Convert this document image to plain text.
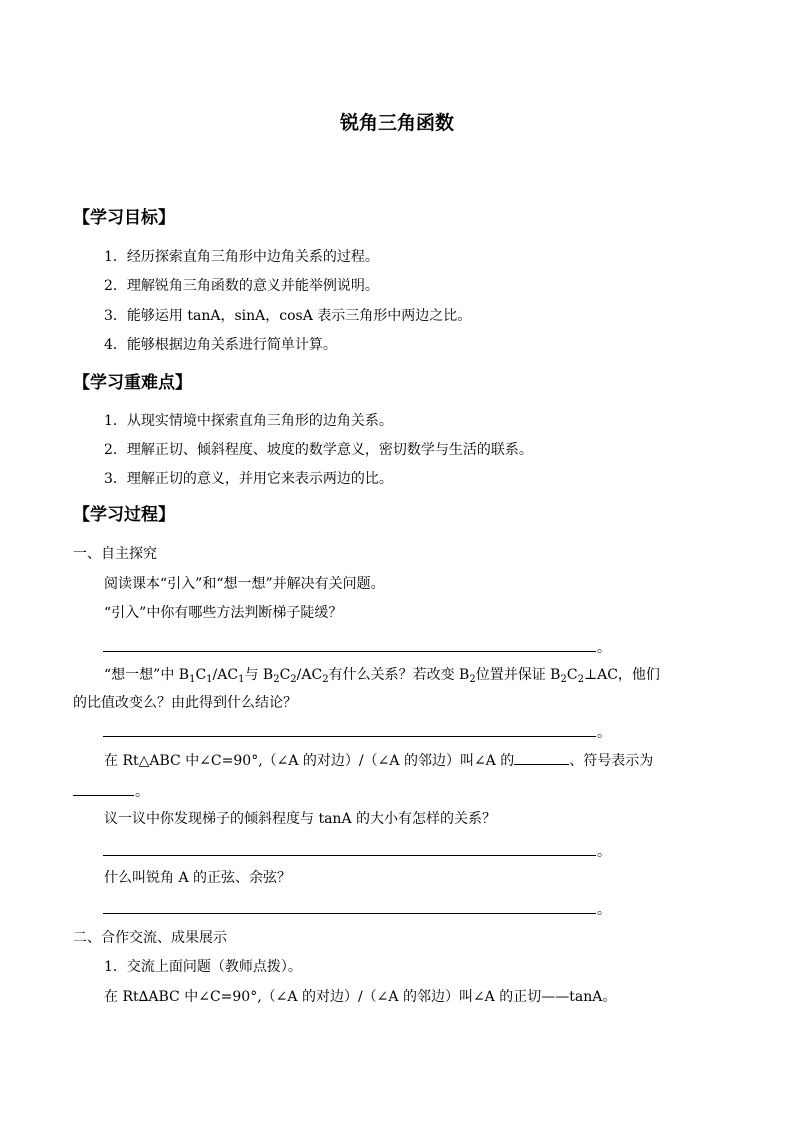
锐角三角函数
【学习目标】
1．经历探索直角三角形中边角关系的过程。
2．理解锐角三角函数的意义并能举例说明。
3．能够运用 tanA，sinA，cosA 表示三角形中两边之比。
4．能够根据边角关系进行简单计算。
【学习重难点】
1．从现实情境中探索直角三角形的边角关系。
2．理解正切、倾斜程度、坡度的数学意义，密切数学与生活的联系。
3．理解正切的意义，并用它来表示两边的比。
【学习过程】
一、自主探究
阅读课本“引入”和“想一想”并解决有关问题。
“引入”中你有哪些方法判断梯子陡缓？
。
“想一想”中 $B_1C_1/AC_1$与 $B_2C_2/AC_2$有什么关系？若改变 $B_2$位置并保证 $B_2C_2\perp AC$，他们
的比值改变么？由此得到什么结论？
。
在 Rt△ABC 中∠C=90°,（∠A 的对边）/（∠A 的邻边）叫∠A 的	、符号表示为
。
议一议中你发现梯子的倾斜程度与 tanA 的大小有怎样的关系？
。
什么叫锐角 A 的正弦、余弦？
。
二、合作交流、成果展示
1．交流上面问题（教师点拨）。
在 Rt∆ABC 中∠C=90°,（∠A 的对边）/（∠A 的邻边）叫∠A 的正切——tanA。
